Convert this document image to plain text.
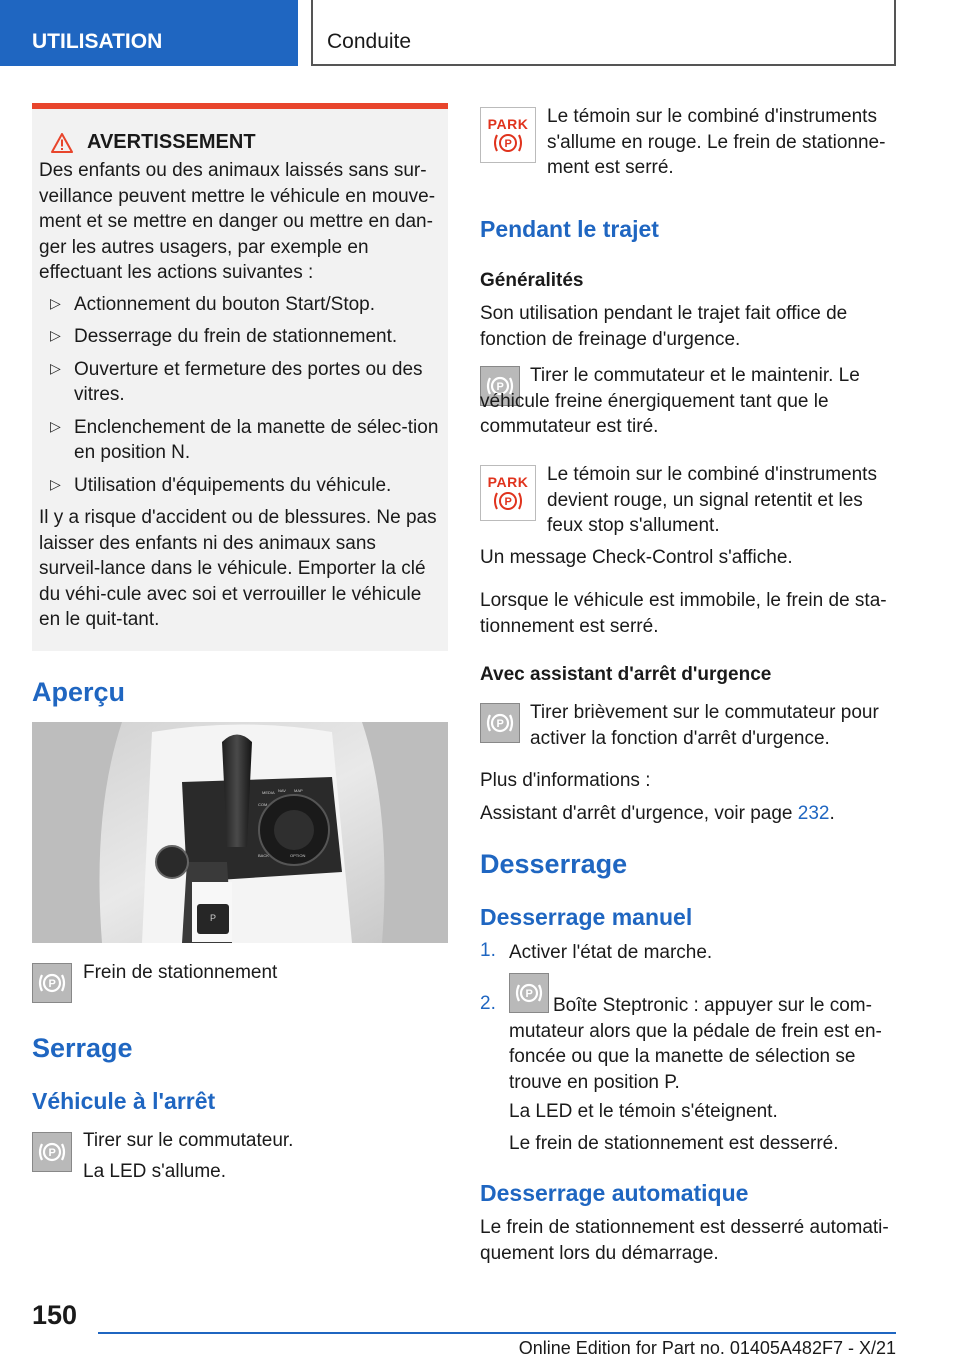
UTILISATION	Conduite
AVERTISSEMENT

Des enfants ou des animaux laissés sans sur-veillance peuvent mettre le véhicule en mouve-ment et se mettre en danger ou mettre en dan-ger les autres usagers, par exemple en effectuant les actions suivantes :

▷ Actionnement du bouton Start/Stop.
▷ Desserrage du frein de stationnement.
▷ Ouverture et fermeture des portes ou des vitres.
▷ Enclenchement de la manette de sélec-tion en position N.
▷ Utilisation d'équipements du véhicule.

Il y a risque d'accident ou de blessures. Ne pas laisser des enfants ni des animaux sans surveil-lance dans le véhicule. Emporter la clé du véhi-cule avec soi et verrouiller le véhicule en le quit-tant.

Aperçu
MEDIA NAV MAP
COM
BACK	OPTION
P
P

Frein de stationnement

Serrage
Véhicule à l'arrêt
P

Tirer sur le commutateur.

La LED s'allume.

PARK
P

Le témoin sur le combiné d'instruments s'allume en rouge. Le frein de stationne-ment est serré.

Pendant le trajet
Généralités

Son utilisation pendant le trajet fait office de fonction de freinage d'urgence.

P

Tirer le commutateur et le maintenir. Le véhicule freine énergiquement tant que le commutateur est tiré.

PARK
P

Le témoin sur le combiné d'instruments devient rouge, un signal retentit et les feux stop s'allument.

Un message Check-Control s'affiche.

Lorsque le véhicule est immobile, le frein de sta-tionnement est serré.

Avec assistant d'arrêt d'urgence
P

Tirer brièvement sur le commutateur pour activer la fonction d'arrêt d'urgence.

Plus d'informations :

Assistant d'arrêt d'urgence, voir page 232.

Desserrage
Desserrage manuel
1. Activer l'état de marche.

2.	P

Boîte Steptronic : appuyer sur le com-mutateur alors que la pédale de frein est en-foncée ou que la manette de sélection se trouve en position P.

La LED et le témoin s'éteignent.

Le frein de stationnement est desserré.

Desserrage automatique

Le frein de stationnement est desserré automati-quement lors du démarrage.

150
Online Edition for Part no. 01405A482F7 - X/21
